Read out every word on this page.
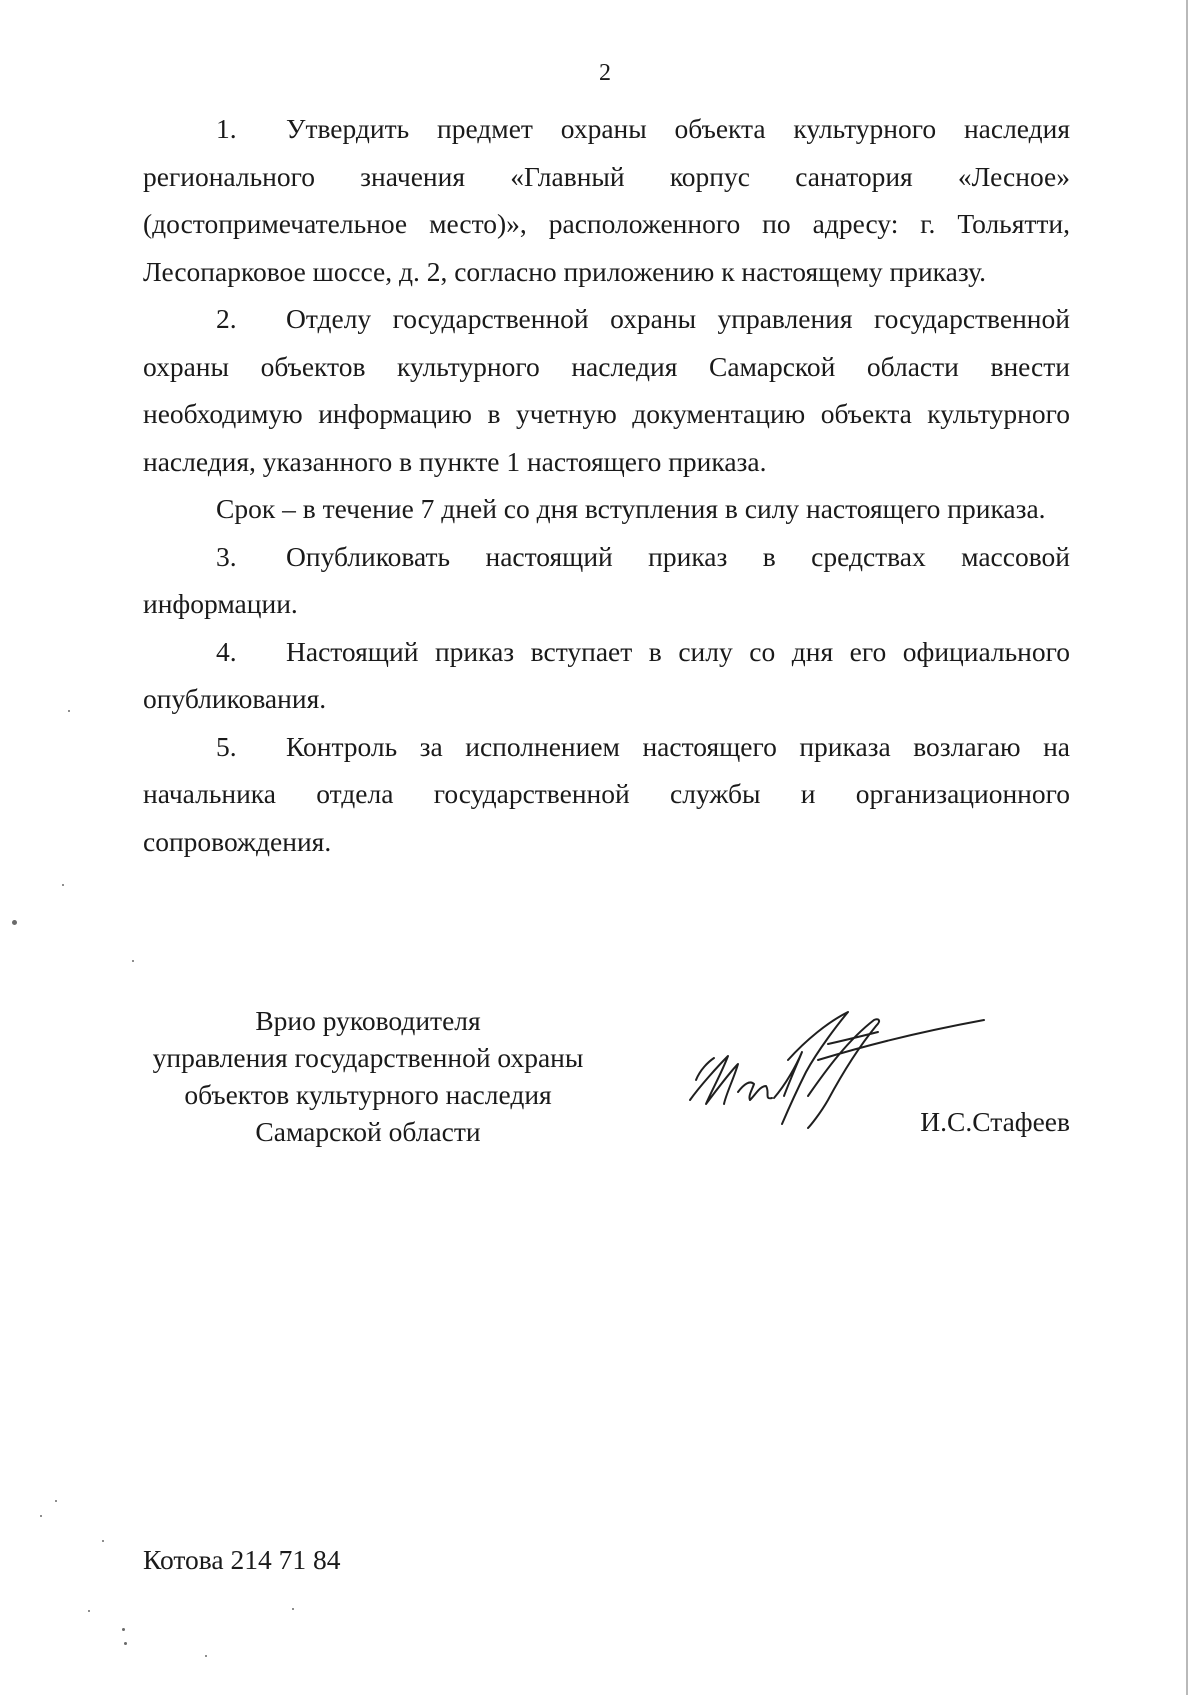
2

1. Утвердить предмет охраны объекта культурного наследия регионального значения «Главный корпус санатория «Лесное» (достопримечательное место)», расположенного по адресу: г. Тольятти, Лесопарковое шоссе, д. 2, согласно приложению к настоящему приказу.

2. Отделу государственной охраны управления государственной охраны объектов культурного наследия Самарской области внести необходимую информацию в учетную документацию объекта культурного наследия, указанного в пункте 1 настоящего приказа.

Срок – в течение 7 дней со дня вступления в силу настоящего приказа.

3. Опубликовать настоящий приказ в средствах массовой информации.

4. Настоящий приказ вступает в силу со дня его официального опубликования.

5. Контроль за исполнением настоящего приказа возлагаю на начальника отдела государственной службы и организационного сопровождения.

Врио руководителя
управления государственной охраны
объектов культурного наследия
Самарской области	И.С.Стафеев
Котова 214 71 84
